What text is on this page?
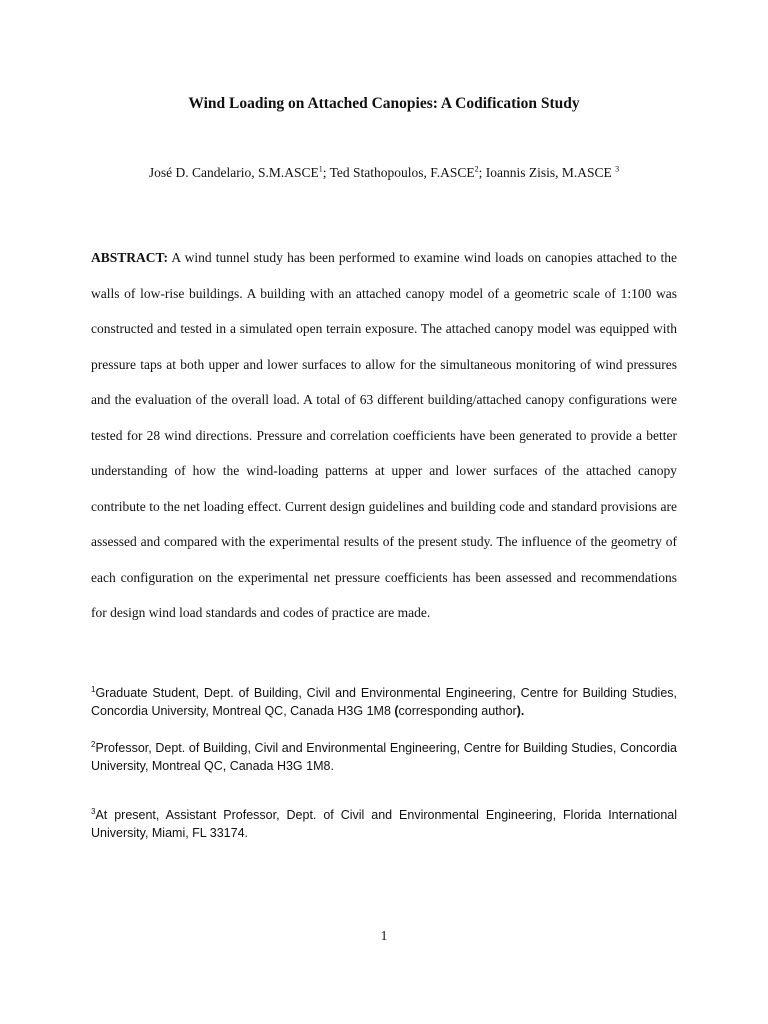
Wind Loading on Attached Canopies: A Codification Study
José D. Candelario, S.M.ASCE$^1$; Ted Stathopoulos, F.ASCE$^2$; Ioannis Zisis, M.ASCE $^3$
ABSTRACT: A wind tunnel study has been performed to examine wind loads on canopies attached to the walls of low-rise buildings. A building with an attached canopy model of a geometric scale of 1:100 was constructed and tested in a simulated open terrain exposure. The attached canopy model was equipped with pressure taps at both upper and lower surfaces to allow for the simultaneous monitoring of wind pressures and the evaluation of the overall load. A total of 63 different building/attached canopy configurations were tested for 28 wind directions. Pressure and correlation coefficients have been generated to provide a better understanding of how the wind-loading patterns at upper and lower surfaces of the attached canopy contribute to the net loading effect. Current design guidelines and building code and standard provisions are assessed and compared with the experimental results of the present study. The influence of the geometry of each configuration on the experimental net pressure coefficients has been assessed and recommendations for design wind load standards and codes of practice are made.
$^1$Graduate Student, Dept. of Building, Civil and Environmental Engineering, Centre for Building Studies, Concordia University, Montreal QC, Canada H3G 1M8 (corresponding author).
$^2$Professor, Dept. of Building, Civil and Environmental Engineering, Centre for Building Studies, Concordia University, Montreal QC, Canada H3G 1M8.
$^3$At present, Assistant Professor, Dept. of Civil and Environmental Engineering, Florida International University, Miami, FL 33174.
1
